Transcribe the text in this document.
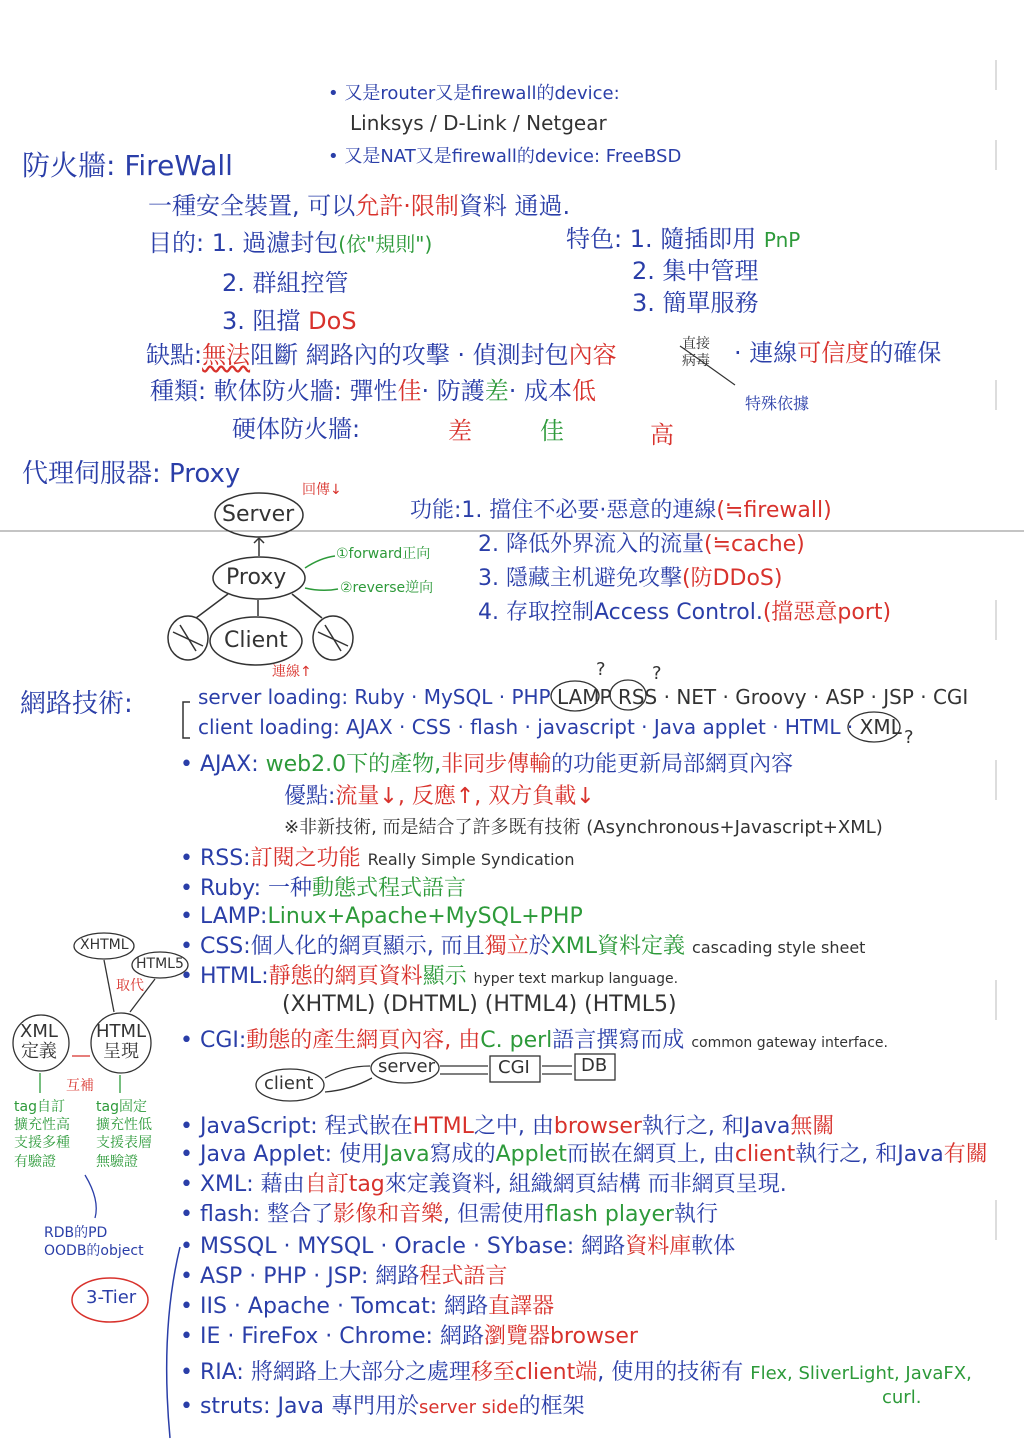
• 又是router又是firewall的device:
Linksys / D-Link / Netgear
• 又是NAT又是firewall的device: FreeBSD
防火牆: FireWall
一種安全裝置, 可以允許·限制資料 通過.
目的: 1. 過濾封包(依"規則")
2. 群組控管
3. 阻擋 DoS
特色: 1. 隨插即用 PnP
2. 集中管理
3. 簡單服務
缺點:無法阻斷 網路內的攻擊 · 偵測封包內容	直接
病毒 · 連線可信度的確保
特殊依據
種類: 軟体防火牆: 彈性佳· 防護差· 成本低
硬体防火牆:	差	佳	高
代理伺服器: Proxy
回傳↓
Server
Proxy
Client
①forward正向
②reverse逆向
連線↑
功能:1. 擋住不必要·惡意的連線(≒firewall)
2. 降低外界流入的流量(≒cache)
3. 隱藏主机避免攻擊(防DDoS)
4. 存取控制Access Control.(擋惡意port)
網路技術:
?	?
?
server loading: Ruby · MySQL · PHP LAMP RSS · NET · Groovy · ASP · JSP · CGI
client loading: AJAX · CSS · flash · javascript · Java applet · HTML · XML
• AJAX: web2.0下的產物,非同步傳輸的功能更新局部網頁內容
優點:流量↓, 反應↑, 双方負載↓
※非新技術, 而是結合了許多既有技術 (Asynchronous+Javascript+XML)
• RSS:訂閱之功能 Really Simple Syndication
• Ruby: 一种動態式程式語言
• LAMP:Linux+Apache+MySQL+PHP
• CSS:個人化的網頁顯示, 而且獨立於XML資料定義 cascading style sheet
• HTML:靜態的網頁資料顯示 hyper text markup language.
(XHTML) (DHTML) (HTML4) (HTML5)
• CGI:動態的產生網頁內容, 由C. perl語言撰寫而成 common gateway interface.
client
server	CGI	DB
• JavaScript: 程式嵌在HTML之中, 由browser執行之, 和Java無關
• Java Applet: 使用Java寫成的Applet而嵌在網頁上, 由client執行之, 和Java有關
• XML: 藉由自訂tag來定義資料, 組織網頁結構 而非網頁呈現.
• flash: 整合了影像和音樂, 但需使用flash player執行
• MSSQL · MYSQL · Oracle · SYbase: 網路資料庫軟体
• ASP · PHP · JSP: 網路程式語言
• IIS · Apache · Tomcat: 網路直譯器
• IE · FireFox · Chrome: 網路瀏覽器browser
• RIA: 將網路上大部分之處理移至client端, 使用的技術有 Flex, SliverLight, JavaFX,
curl.
• struts: Java 專門用於server side的框架
XHTML
HTML5
取代
XML
定義
HTML
呈現
互補
tag自訂
擴充性高
支援多種
有驗證
tag固定
擴充性低
支援表層
無驗證
RDB的PD
OODB的object
3-Tier
